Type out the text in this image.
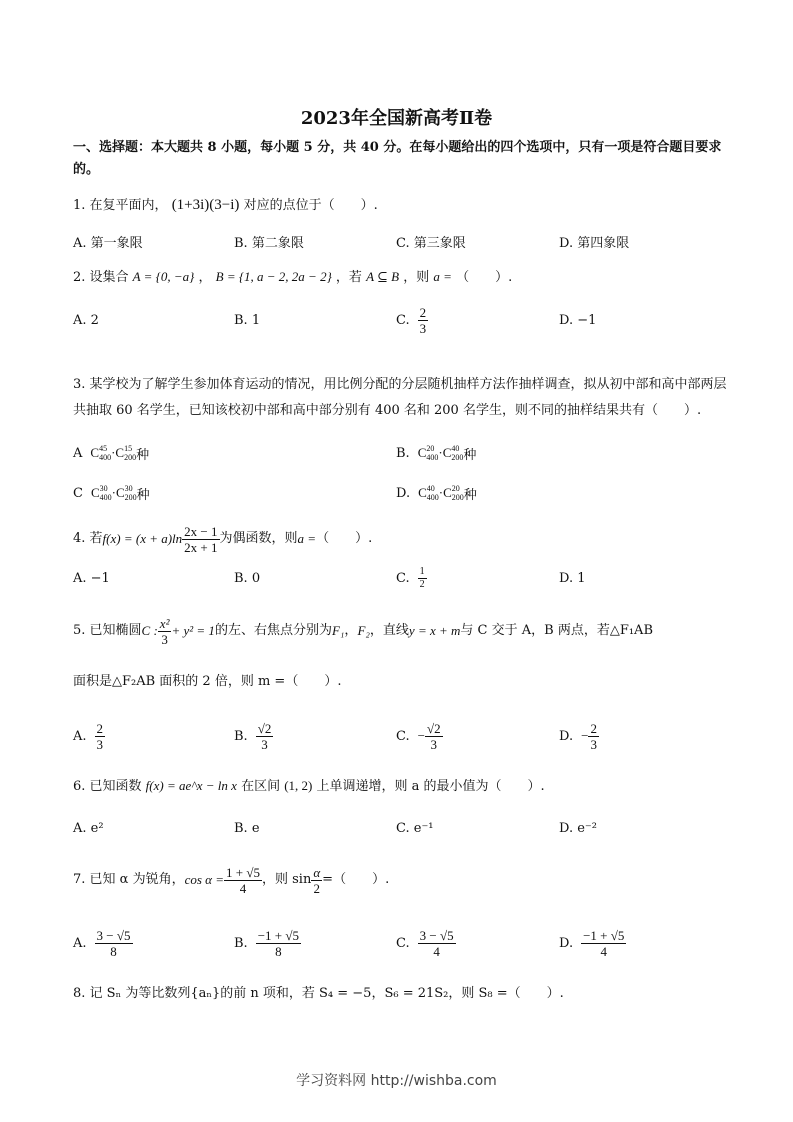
2023年全国新高考Ⅱ卷
一、选择题：本大题共 8 小题，每小题 5 分，共 40 分。在每小题给出的四个选项中，只有一项是符合题目要求的。
1. 在复平面内， (1+3i)(3−i) 对应的点位于（　　）.
A. 第一象限	B. 第二象限	C. 第三象限	D. 第四象限
2. 设集合 A = {0, −a} ， B = {1, a − 2, 2a − 2} ，若 A ⊆ B ，则 a = （　　）.
A. 2	B. 1	C. $\frac{2}{3}$	D. −1
3. 某学校为了解学生参加体育运动的情况，用比例分配的分层随机抽样方法作抽样调查，拟从初中部和高中部两层共抽取 60 名学生，已知该校初中部和高中部分别有 400 名和 200 名学生，则不同的抽样结果共有（　　）.
A C 45
400 ·C 15
200 种	B. C 20
400 ·C 40
200 种
C C 30
400 ·C 30
200 种	D. C 40
400 ·C 20
200 种
4. 若 $f(x) = (x + a)\ln \frac{2x - 1}{2x + 1}$ 为偶函数，则 a = （　　）.
A. −1	B. 0	C. $\frac{1}{2}$	D. 1
5. 已知椭圆 C : $\frac{\text{x²}}{3} + y^2 = 1$ 的左、右焦点分别为 F₁ ， F₂ ，直线 y = x + m 与 C 交于 A，B 两点，若△F₁AB
面积是△F₂AB 面积的 2 倍，则 m =（　　）.
A. $\frac{2}{3}$	B. $\frac{√2}{3}$	C. − $\frac{√2}{3}$	D. − $\frac{2}{3}$
6. 已知函数 f(x) = ae^x − ln x 在区间 (1, 2) 上单调递增，则 a 的最小值为（　　）.
A. e²	B. e	C. e⁻¹	D. e⁻²
7. 已知 α 为锐角， $\cos \alpha = \frac{1 + √5}{4}$ ，则 $\sin \frac{\alpha}{2}$ =（　　）.
A. $\frac{3 - √5}{8}$	B. $\frac{-1 + √5}{8}$	C. $\frac{3 - √5}{4}$	D. $\frac{-1 + √5}{4}$
8. 记 Sₙ 为等比数列{aₙ}的前 n 项和，若 S₄ = −5，S₆ = 21S₂，则 S₈ =（　　）.
学习资料网 http://wishba.com
